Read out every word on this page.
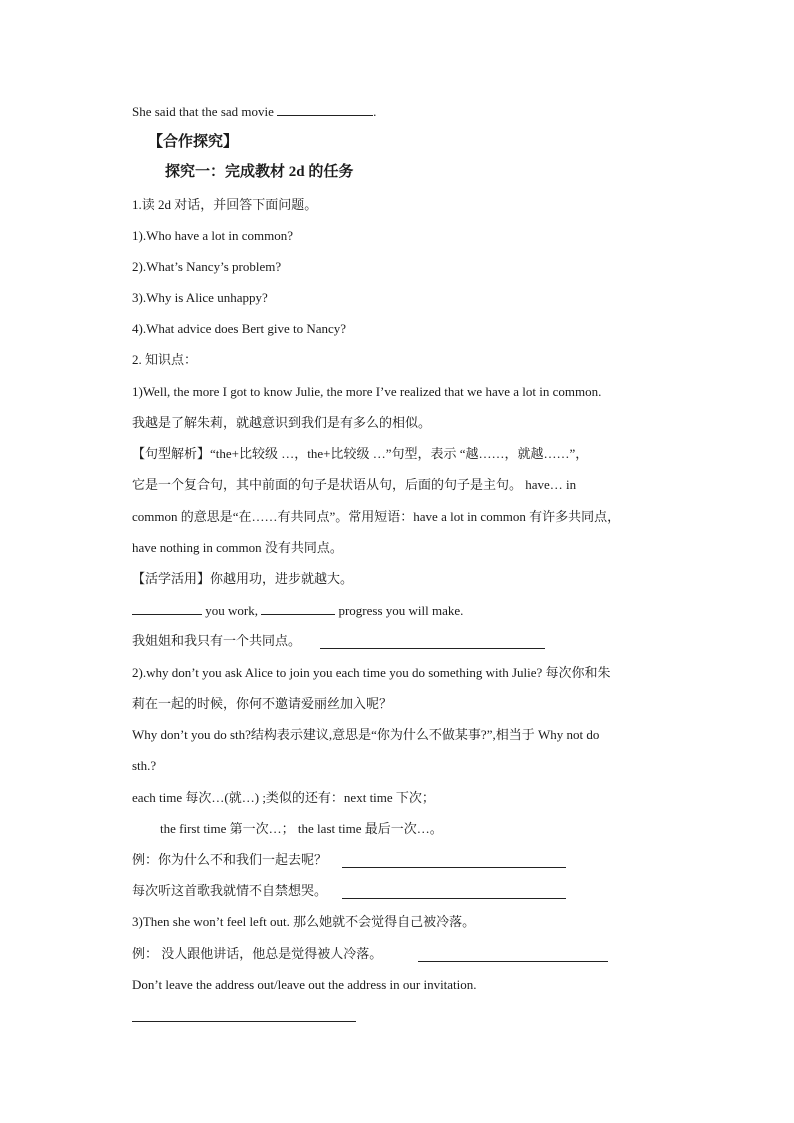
She said that the sad movie	.
【合作探究】
探究一：完成教材 2d 的任务
1.读 2d 对话，并回答下面问题。
1).Who have a lot in common?
2).What’s Nancy’s problem?
3).Why is Alice unhappy?
4).What advice does Bert give to Nancy?
2. 知识点：
1)Well, the more I got to know Julie, the more I’ve realized that we have a lot in common.
我越是了解朱莉，就越意识到我们是有多么的相似。
【句型解析】“the+比较级 …，the+比较级 …”句型，表示 “越……，就越……”，
它是一个复合句，其中前面的句子是状语从句，后面的句子是主句。 have… in
common 的意思是“在……有共同点”。常用短语：have a lot in common 有许多共同点，
have nothing in common 没有共同点。
【活学活用】你越用功，进步就越大。
you work,	progress you will make.
我姐姐和我只有一个共同点。
2).why don’t you ask Alice to join you each time you do something with Julie? 每次你和朱
莉在一起的时候，你何不邀请爱丽丝加入呢？
Why don’t you do sth?结构表示建议,意思是“你为什么不做某事?”,相当于 Why not do
sth.?
each time 每次…(就…) ;类似的还有：next time 下次；
the first time 第一次…； the last time 最后一次…。
例：你为什么不和我们一起去呢？
每次听这首歌我就情不自禁想哭。
3)Then she won’t feel left out. 那么她就不会觉得自己被冷落。
例： 没人跟他讲话，他总是觉得被人冷落。
Don’t leave the address out/leave out the address in our invitation.
